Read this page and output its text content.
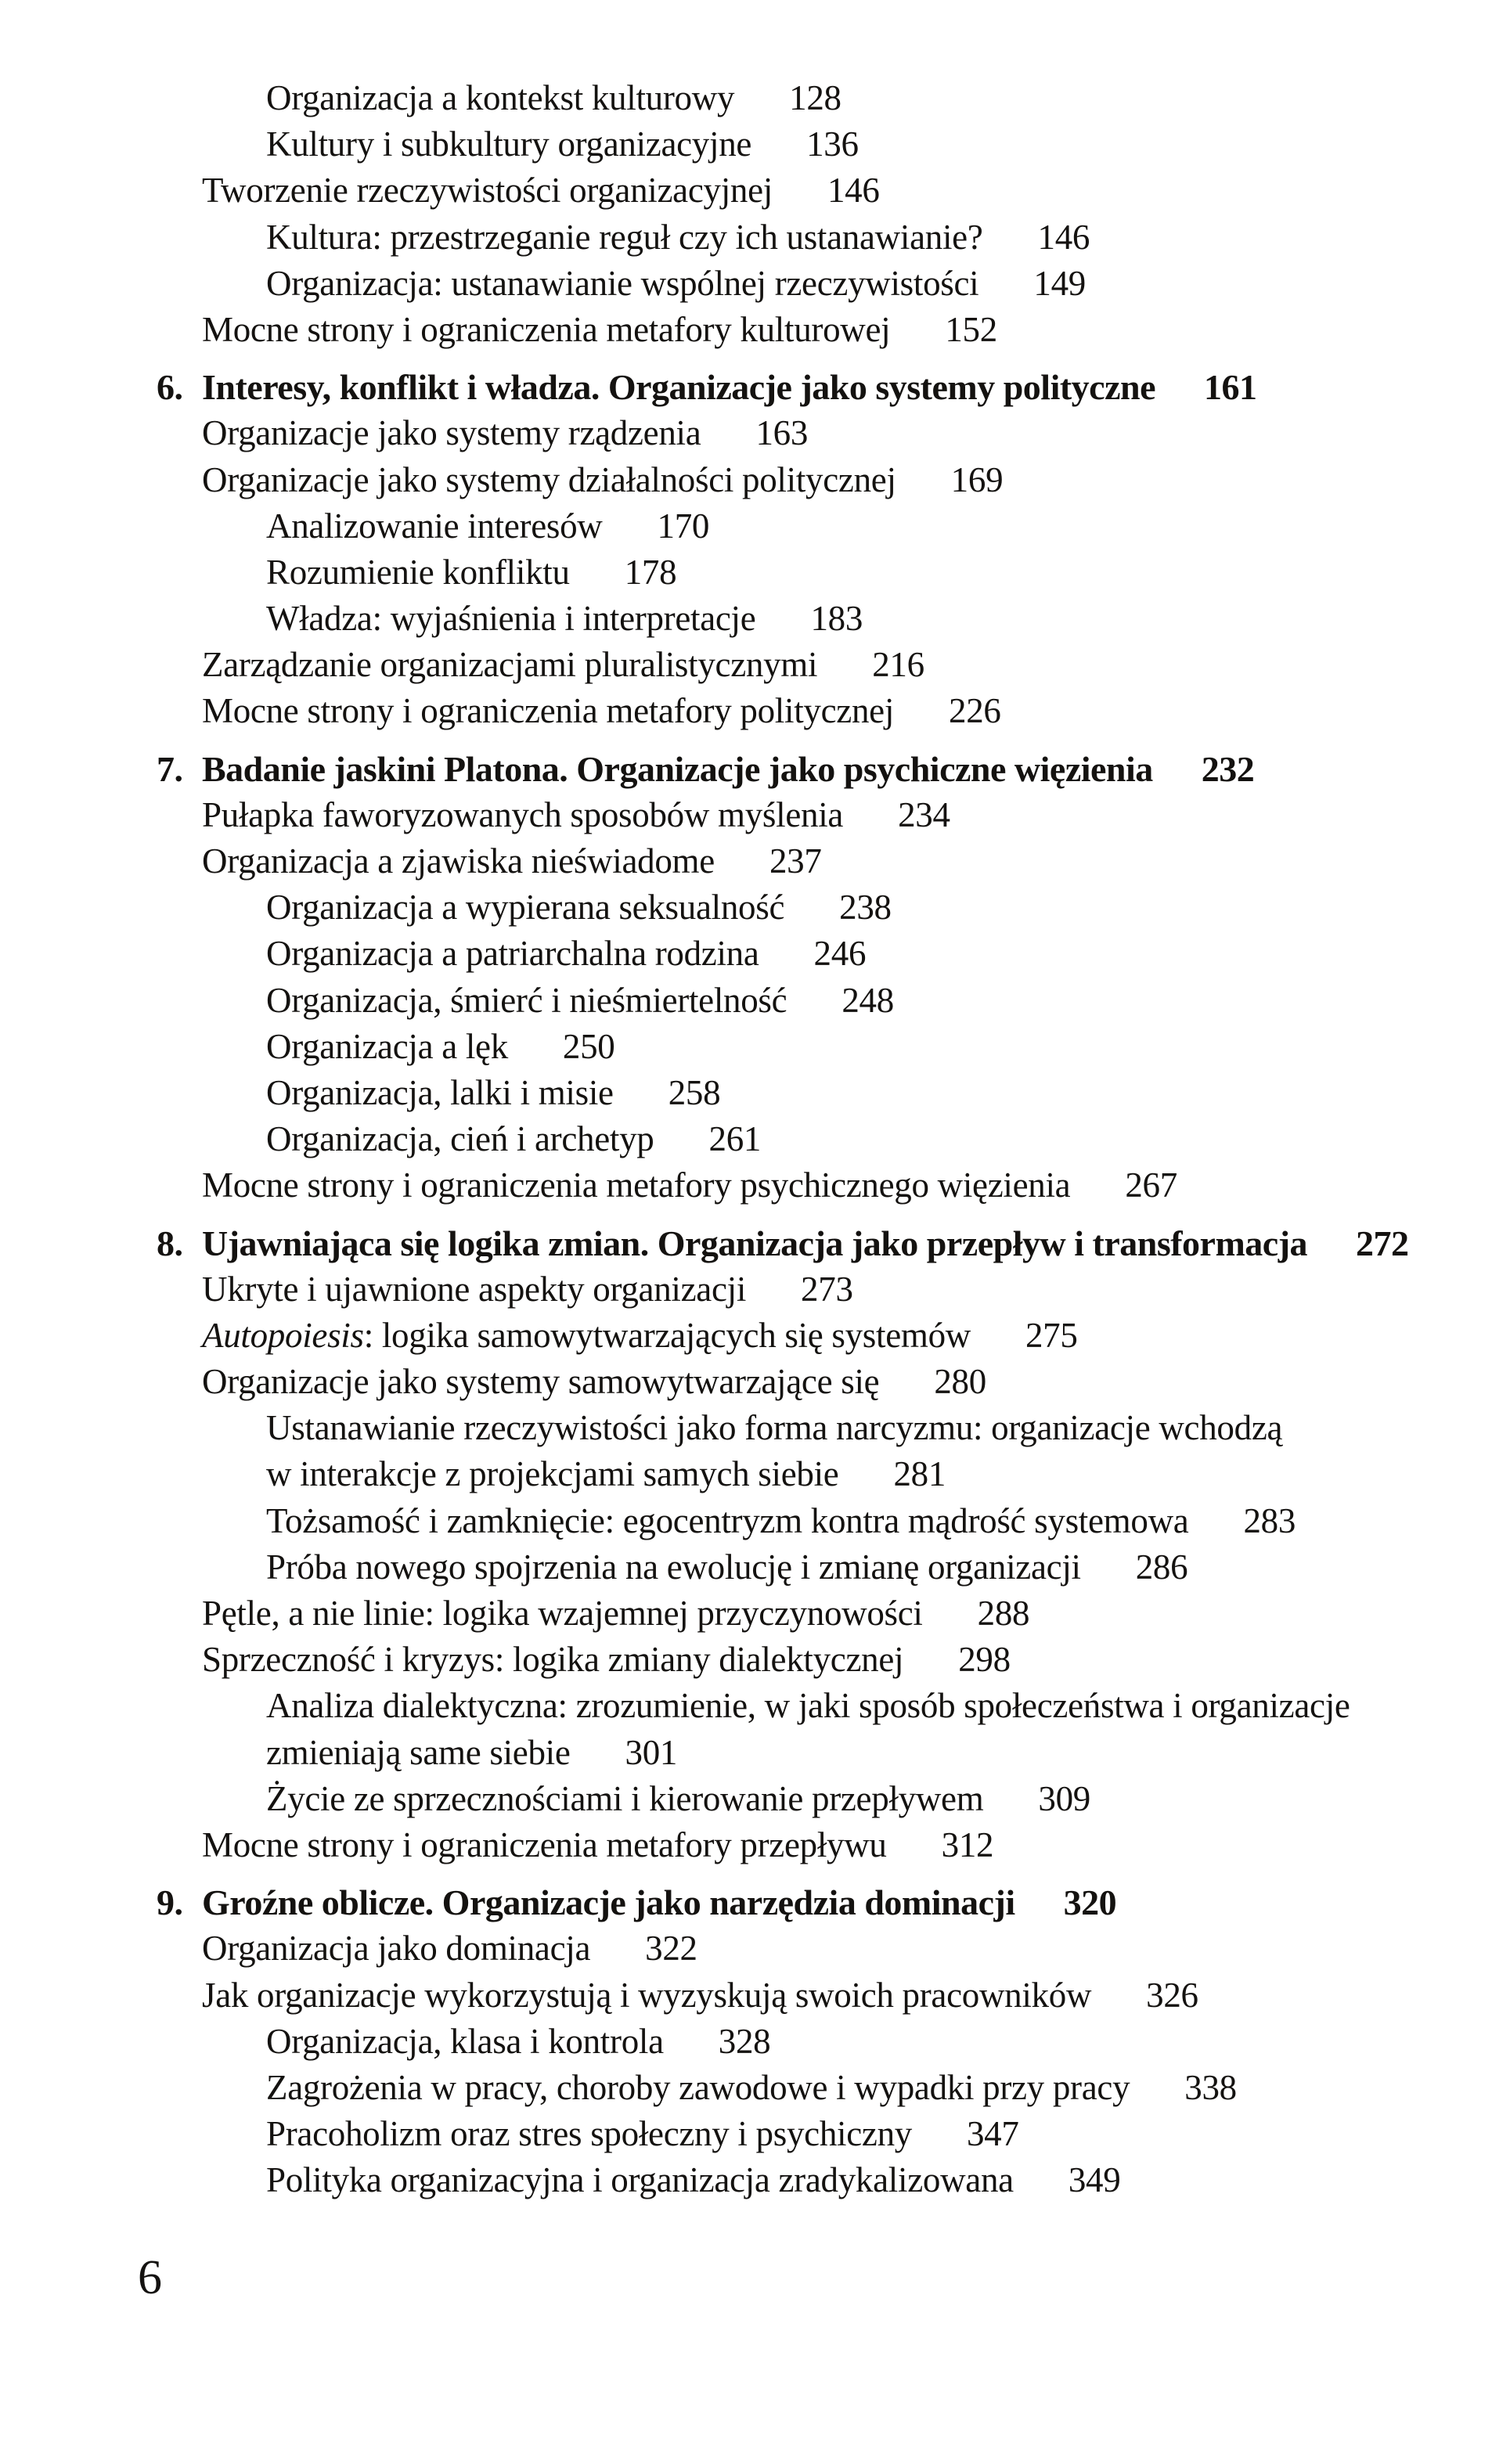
Organizacja a kontekst kulturowy 128
Kultury i subkultury organizacyjne 136
Tworzenie rzeczywistości organizacyjnej 146
Kultura: przestrzeganie reguł czy ich ustanawianie? 146
Organizacja: ustanawianie wspólnej rzeczywistości 149
Mocne strony i ograniczenia metafory kulturowej 152
6. Interesy, konflikt i władza. Organizacje jako systemy polityczne 161
Organizacje jako systemy rządzenia 163
Organizacje jako systemy działalności politycznej 169
Analizowanie interesów 170
Rozumienie konfliktu 178
Władza: wyjaśnienia i interpretacje 183
Zarządzanie organizacjami pluralistycznymi 216
Mocne strony i ograniczenia metafory politycznej 226
7. Badanie jaskini Platona. Organizacje jako psychiczne więzienia 232
Pułapka faworyzowanych sposobów myślenia 234
Organizacja a zjawiska nieświadome 237
Organizacja a wypierana seksualność 238
Organizacja a patriarchalna rodzina 246
Organizacja, śmierć i nieśmiertelność 248
Organizacja a lęk 250
Organizacja, lalki i misie 258
Organizacja, cień i archetyp 261
Mocne strony i ograniczenia metafory psychicznego więzienia 267
8. Ujawniająca się logika zmian. Organizacja jako przepływ i transformacja 272
Ukryte i ujawnione aspekty organizacji 273
Autopoiesis: logika samowytwarzających się systemów 275
Organizacje jako systemy samowytwarzające się 280
Ustanawianie rzeczywistości jako forma narcyzmu: organizacje wchodzą
w interakcje z projekcjami samych siebie 281
Tożsamość i zamknięcie: egocentryzm kontra mądrość systemowa 283
Próba nowego spojrzenia na ewolucję i zmianę organizacji 286
Pętle, a nie linie: logika wzajemnej przyczynowości 288
Sprzeczność i kryzys: logika zmiany dialektycznej 298
Analiza dialektyczna: zrozumienie, w jaki sposób społeczeństwa i organizacje
zmieniają same siebie 301
Życie ze sprzecznościami i kierowanie przepływem 309
Mocne strony i ograniczenia metafory przepływu 312
9. Groźne oblicze. Organizacje jako narzędzia dominacji 320
Organizacja jako dominacja 322
Jak organizacje wykorzystują i wyzyskują swoich pracowników 326
Organizacja, klasa i kontrola 328
Zagrożenia w pracy, choroby zawodowe i wypadki przy pracy 338
Pracoholizm oraz stres społeczny i psychiczny 347
Polityka organizacyjna i organizacja zradykalizowana 349
6
